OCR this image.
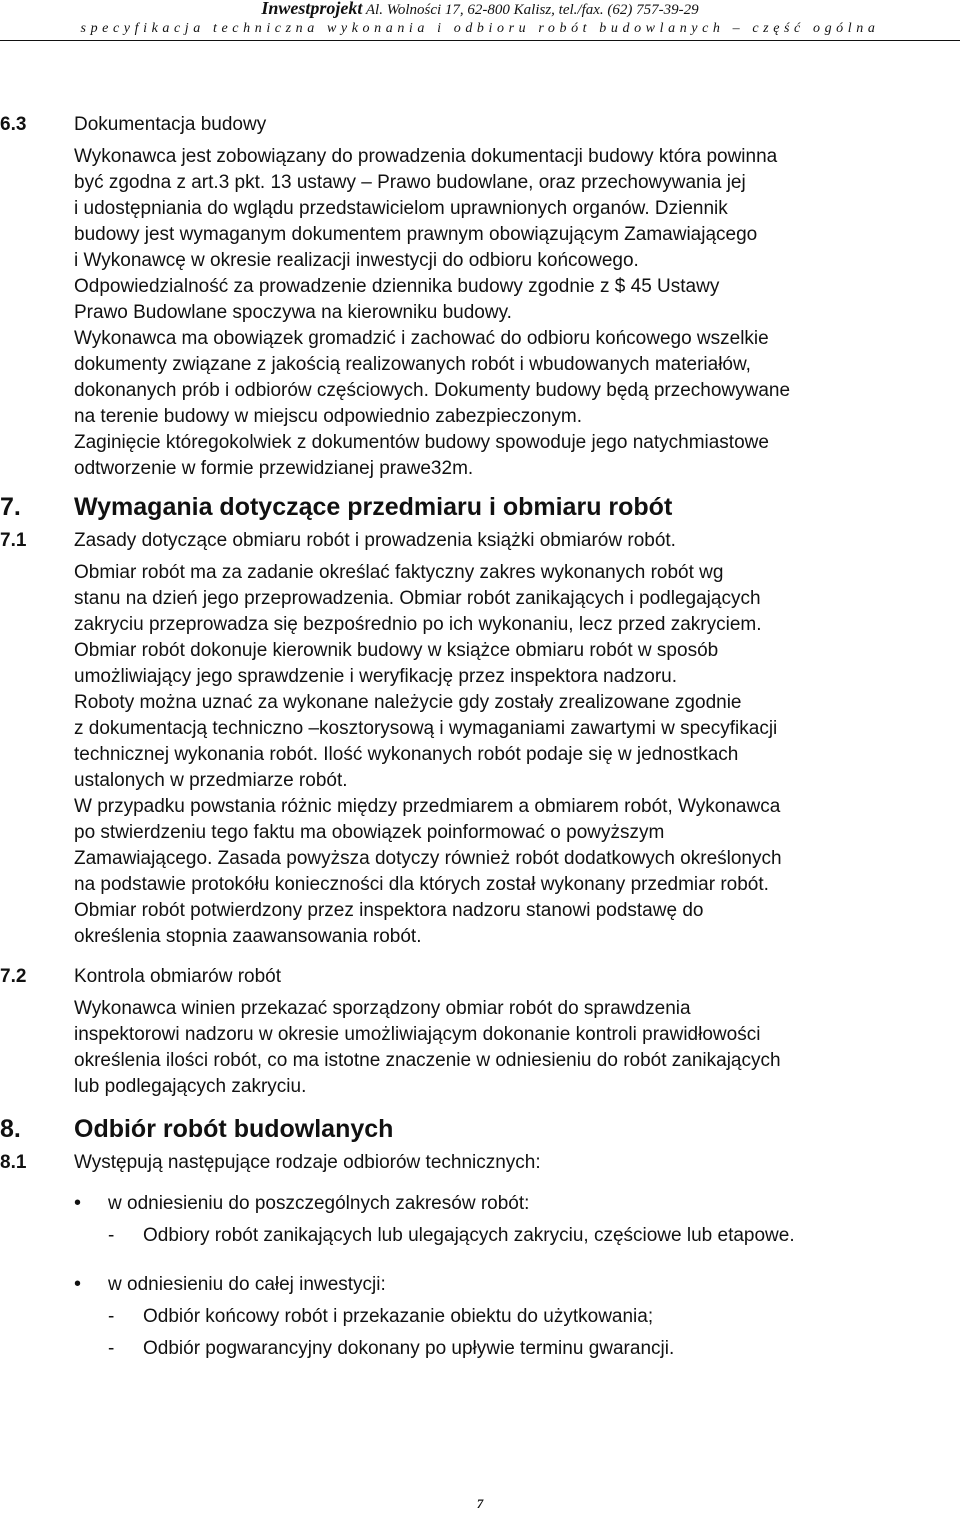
Inwestprojekt Al. Wolności 17, 62-800 Kalisz, tel./fax. (62) 757-39-29
specyfikacja techniczna wykonania i odbioru robót budowlanych – część ogólna
6.3	Dokumentacja budowy
Wykonawca jest zobowiązany do prowadzenia dokumentacji budowy która powinna
być zgodna z art.3 pkt. 13 ustawy – Prawo budowlane, oraz przechowywania jej
i udostępniania do wglądu przedstawicielom uprawnionych organów. Dziennik
budowy jest wymaganym dokumentem prawnym obowiązującym Zamawiającego
i Wykonawcę w okresie realizacji inwestycji do odbioru końcowego.
Odpowiedzialność za prowadzenie dziennika budowy zgodnie z $ 45 Ustawy
Prawo Budowlane spoczywa na kierowniku budowy.
Wykonawca ma obowiązek gromadzić i zachować do odbioru końcowego wszelkie
dokumenty związane z jakością realizowanych robót i wbudowanych materiałów,
dokonanych prób i odbiorów częściowych. Dokumenty budowy będą przechowywane
na terenie budowy w miejscu odpowiednio zabezpieczonym.
Zaginięcie któregokolwiek z dokumentów budowy spowoduje jego natychmiastowe
odtworzenie w formie przewidzianej prawe32m.
7.	Wymagania dotyczące przedmiaru i obmiaru robót
7.1	Zasady dotyczące obmiaru robót i prowadzenia książki obmiarów robót.
Obmiar robót ma za zadanie określać faktyczny zakres wykonanych robót wg
stanu na dzień jego przeprowadzenia. Obmiar robót zanikających i podlegających
zakryciu przeprowadza się bezpośrednio po ich wykonaniu, lecz przed zakryciem.
Obmiar robót dokonuje kierownik budowy w książce obmiaru robót w sposób
umożliwiający jego sprawdzenie i weryfikację przez inspektora nadzoru.
Roboty można uznać za wykonane należycie gdy zostały zrealizowane zgodnie
z dokumentacją techniczno –kosztorysową i wymaganiami zawartymi w specyfikacji
technicznej wykonania robót. Ilość wykonanych robót podaje się w jednostkach
ustalonych w przedmiarze robót.
W przypadku powstania różnic między przedmiarem a obmiarem robót, Wykonawca
po stwierdzeniu tego faktu ma obowiązek poinformować o powyższym
Zamawiającego. Zasada powyższa dotyczy również robót dodatkowych określonych
na podstawie protokółu konieczności dla których został wykonany przedmiar robót.
Obmiar robót potwierdzony przez inspektora nadzoru stanowi podstawę do
określenia stopnia zaawansowania robót.
7.2	Kontrola obmiarów robót
Wykonawca winien przekazać sporządzony obmiar robót do sprawdzenia
inspektorowi nadzoru w okresie umożliwiającym dokonanie kontroli prawidłowości
określenia ilości robót, co ma istotne znaczenie w odniesieniu do robót zanikających
lub podlegających zakryciu.
8.	Odbiór robót budowlanych
8.1	Występują następujące rodzaje odbiorów technicznych:
•	w odniesieniu do poszczególnych zakresów robót:
-	Odbiory robót zanikających lub ulegających zakryciu, częściowe lub etapowe.
•	w odniesieniu do całej inwestycji:
-	Odbiór końcowy robót i przekazanie obiektu do użytkowania;
-	Odbiór pogwarancyjny dokonany po upływie terminu gwarancji.
7
